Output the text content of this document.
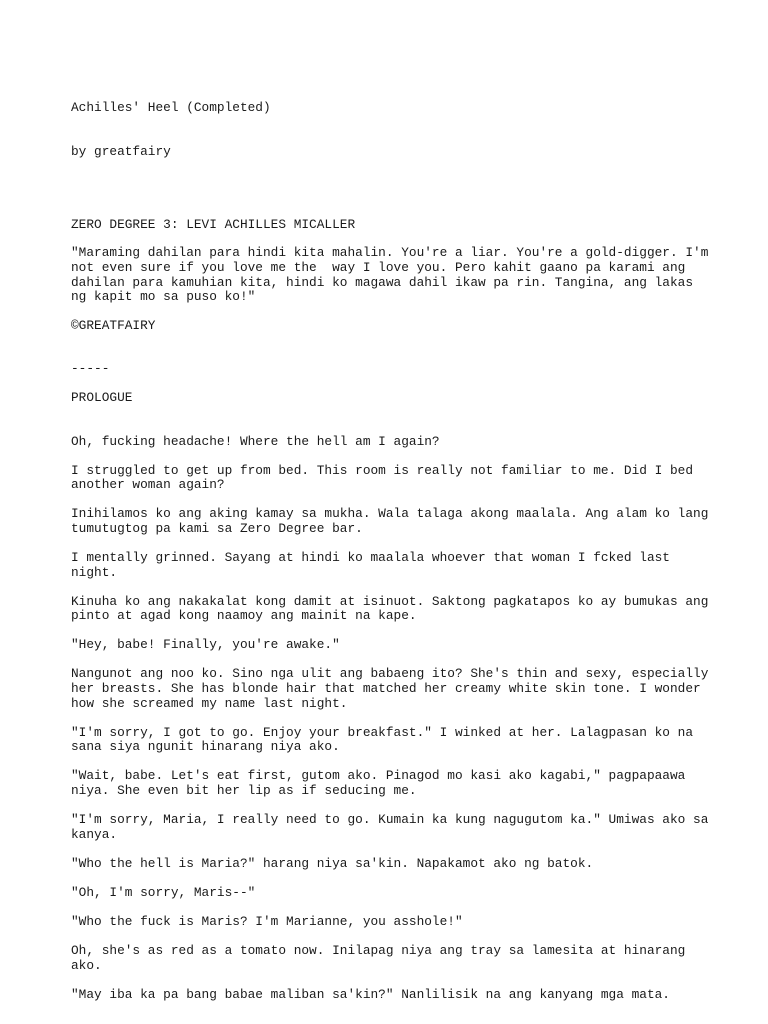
Achilles' Heel (Completed)

by greatfairy

ZERO DEGREE 3: LEVI ACHILLES MICALLER
"Maraming dahilan para hindi kita mahalin. You're a liar. You're a gold-digger. I'm
not even sure if you love me the  way I love you. Pero kahit gaano pa karami ang
dahilan para kamuhian kita, hindi ko magawa dahil ikaw pa rin. Tangina, ang lakas
ng kapit mo sa puso ko!"
©GREATFAIRY
-----
PROLOGUE

Oh, fucking headache! Where the hell am I again?

I struggled to get up from bed. This room is really not familiar to me. Did I bed
another woman again?

Inihilamos ko ang aking kamay sa mukha. Wala talaga akong maalala. Ang alam ko lang
tumutugtog pa kami sa Zero Degree bar.

I mentally grinned. Sayang at hindi ko maalala whoever that woman I fcked last
night.

Kinuha ko ang nakakalat kong damit at isinuot. Saktong pagkatapos ko ay bumukas ang
pinto at agad kong naamoy ang mainit na kape.

"Hey, babe! Finally, you're awake."

Nangunot ang noo ko. Sino nga ulit ang babaeng ito? She's thin and sexy, especially
her breasts. She has blonde hair that matched her creamy white skin tone. I wonder
how she screamed my name last night.

"I'm sorry, I got to go. Enjoy your breakfast." I winked at her. Lalagpasan ko na
sana siya ngunit hinarang niya ako.

"Wait, babe. Let's eat first, gutom ako. Pinagod mo kasi ako kagabi," pagpapaawa
niya. She even bit her lip as if seducing me.

"I'm sorry, Maria, I really need to go. Kumain ka kung nagugutom ka." Umiwas ako sa
kanya.

"Who the hell is Maria?" harang niya sa'kin. Napakamot ako ng batok.

"Oh, I'm sorry, Maris--"

"Who the fuck is Maris? I'm Marianne, you asshole!"

Oh, she's as red as a tomato now. Inilapag niya ang tray sa lamesita at hinarang
ako.

"May iba ka pa bang babae maliban sa'kin?" Nanlilisik na ang kanyang mga mata.
